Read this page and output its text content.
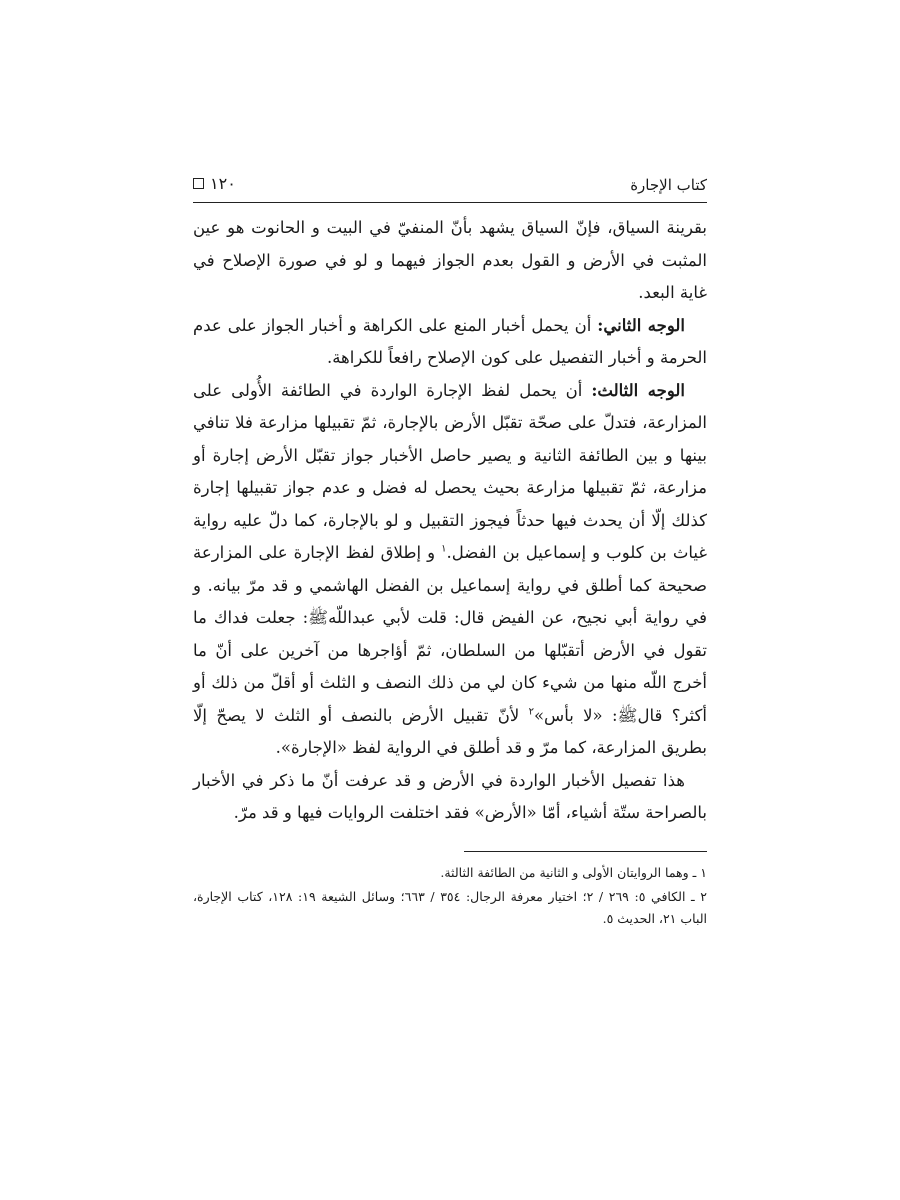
كتاب الإجارة
١٢٠

بقرينة السياق، فإنّ السياق يشهد بأنّ المنفيّ في البيت و الحانوت هو عين المثبت في الأرض و القول بعدم الجواز فيهما و لو في صورة الإصلاح في غاية البعد.

الوجه الثاني: أن يحمل أخبار المنع على الكراهة و أخبار الجواز على عدم الحرمة و أخبار التفصيل على كون الإصلاح رافعاً للكراهة.

الوجه الثالث: أن يحمل لفظ الإجارة الواردة في الطائفة الأُولى على المزارعة، فتدلّ على صحّة تقبّل الأرض بالإجارة، ثمّ تقبيلها مزارعة فلا تنافي بينها و بين الطائفة الثانية و يصير حاصل الأخبار جواز تقبّل الأرض إجارة أو مزارعة، ثمّ تقبيلها مزارعة بحيث يحصل له فضل و عدم جواز تقبيلها إجارة كذلك إلّا أن يحدث فيها حدثاً فيجوز التقبيل و لو بالإجارة، كما دلّ عليه رواية غياث بن كلوب و إسماعيل بن الفضل.$^١$ و إطلاق لفظ الإجارة على المزارعة صحيحة كما أطلق في رواية إسماعيل بن الفضل الهاشمي و قد مرّ بيانه. و في رواية أبي نجيح، عن الفيض قال: قلت لأبي عبداللّهﷺ: جعلت فداك ما تقول في الأرض أتقبّلها من السلطان، ثمّ أؤاجرها من آخرين على أنّ ما أخرج اللّه منها من شيء كان لي من ذلك النصف و الثلث أو أقلّ من ذلك أو أكثر؟ قالﷺ: «لا بأس»$^٢$ لأنّ تقبيل الأرض بالنصف أو الثلث لا يصحّ إلّا بطريق المزارعة، كما مرّ و قد أطلق في الرواية لفظ «الإجارة».

هذا تفصيل الأخبار الواردة في الأرض و قد عرفت أنّ ما ذكر في الأخبار بالصراحة ستّة أشياء، أمّا «الأرض» فقد اختلفت الروايات فيها و قد مرّ.

١ ـ وهما الروايتان الأولى و الثانية من الطائفة الثالثة.

٢ ـ الكافي ٥: ٢٦٩ / ٢؛ اختيار معرفة الرجال: ٣٥٤ / ٦٦٣؛ وسائل الشيعة ١٩: ١٢٨، كتاب الإجارة، الباب ٢١، الحديث ٥.
